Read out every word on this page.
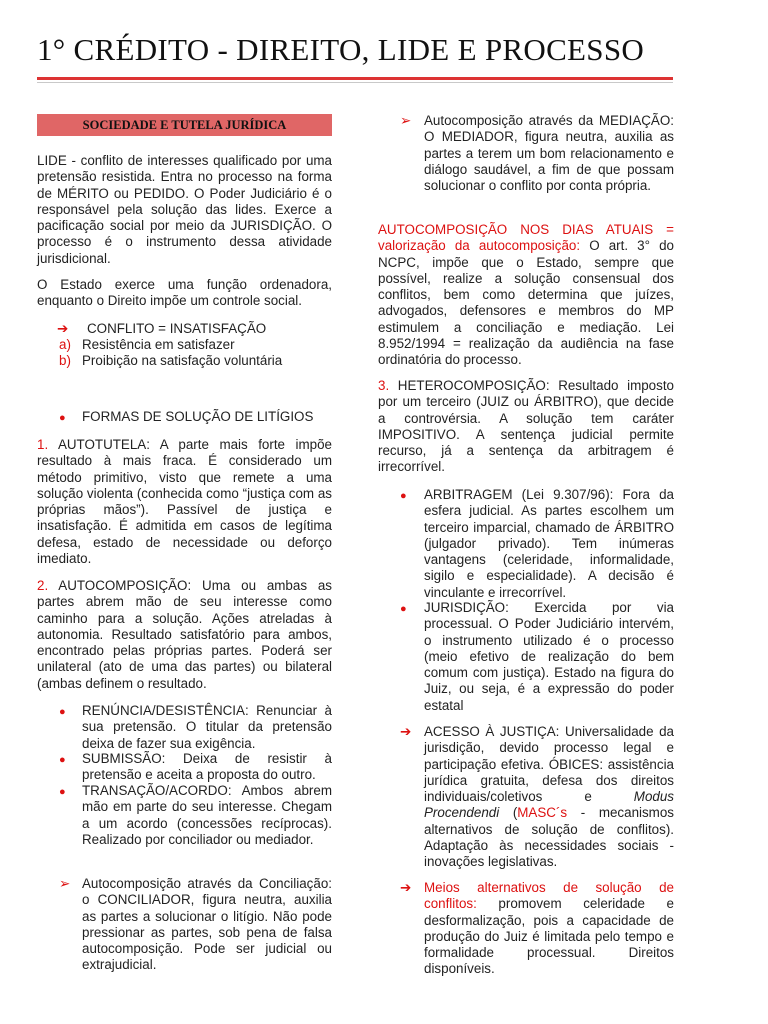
1° CRÉDITO - DIREITO, LIDE E PROCESSO
SOCIEDADE E TUTELA JURÍDICA

LIDE - conflito de interesses qualificado por uma pretensão resistida. Entra no processo na forma de MÉRITO ou PEDIDO. O Poder Judiciário é o responsável pela solução das lides. Exerce a pacificação social por meio da JURISDIÇÃO. O processo é o instrumento dessa atividade jurisdicional.

O Estado exerce uma função ordenadora, enquanto o Direito impõe um controle social.

➔ CONFLITO = INSATISFAÇÃO
a) Resistência em satisfazer
b) Proibição na satisfação voluntária
● FORMAS DE SOLUÇÃO DE LITÍGIOS

1. AUTOTUTELA: A parte mais forte impõe resultado à mais fraca. É considerado um método primitivo, visto que remete a uma solução violenta (conhecida como “justiça com as próprias mãos”). Passível de justiça e insatisfação. É admitida em casos de legítima defesa, estado de necessidade ou deforço imediato.

2. AUTOCOMPOSIÇÃO: Uma ou ambas as partes abrem mão de seu interesse como caminho para a solução. Ações atreladas à autonomia. Resultado satisfatório para ambos, encontrado pelas próprias partes. Poderá ser unilateral (ato de uma das partes) ou bilateral (ambas definem o resultado.

● RENÚNCIA/DESISTÊNCIA: Renunciar à sua pretensão. O titular da pretensão deixa de fazer sua exigência.

● SUBMISSÃO: Deixa de resistir à pretensão e aceita a proposta do outro.

● TRANSAÇÃO/ACORDO: Ambos abrem mão em parte do seu interesse. Chegam a um acordo (concessões recíprocas). Realizado por conciliador ou mediador.

➢ Autocomposição através da Conciliação: o CONCILIADOR, figura neutra, auxilia as partes a solucionar o litígio. Não pode pressionar as partes, sob pena de falsa autocomposição. Pode ser judicial ou extrajudicial.

➢ Autocomposição através da MEDIAÇÃO: O MEDIADOR, figura neutra, auxilia as partes a terem um bom relacionamento e diálogo saudável, a fim de que possam solucionar o conflito por conta própria.

AUTOCOMPOSIÇÃO NOS DIAS ATUAIS = valorização da autocomposição: O art. 3° do NCPC, impõe que o Estado, sempre que possível, realize a solução consensual dos conflitos, bem como determina que juízes, advogados, defensores e membros do MP estimulem a conciliação e mediação. Lei 8.952/1994 = realização da audiência na fase ordinatória do processo.

3. HETEROCOMPOSIÇÃO: Resultado imposto por um terceiro (JUIZ ou ÁRBITRO), que decide a controvérsia. A solução tem caráter IMPOSITIVO. A sentença judicial permite recurso, já a sentença da arbitragem é irrecorrível.

● ARBITRAGEM (Lei 9.307/96): Fora da esfera judicial. As partes escolhem um terceiro imparcial, chamado de ÁRBITRO (julgador privado). Tem inúmeras vantagens (celeridade, informalidade, sigilo e especialidade). A decisão é vinculante e irrecorrível.

● JURISDIÇÃO: Exercida por via processual. O Poder Judiciário intervém, o instrumento utilizado é o processo (meio efetivo de realização do bem comum com justiça). Estado na figura do Juiz, ou seja, é a expressão do poder estatal

➔ ACESSO À JUSTIÇA: Universalidade da jurisdição, devido processo legal e participação efetiva. ÓBICES: assistência jurídica gratuita, defesa dos direitos individuais/coletivos e	Modus Procendendi (MASC´s - mecanismos alternativos de solução de conflitos). Adaptação às necessidades sociais - inovações legislativas.

➔ Meios alternativos de solução de conflitos: promovem celeridade e desformalização, pois a capacidade de produção do Juiz é limitada pelo tempo e formalidade processual. Direitos disponíveis.
